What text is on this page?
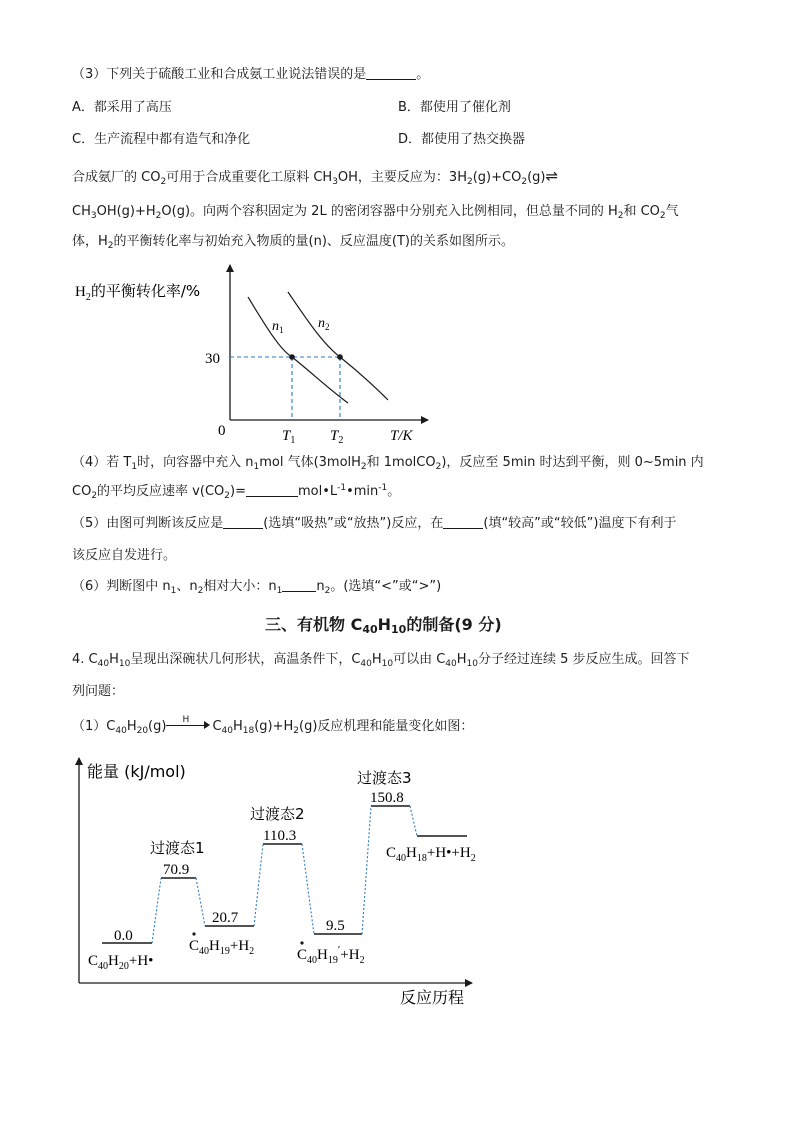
（3）下列关于硫酸工业和合成氨工业说法错误的是	。
A．都采用了高压	B．都使用了催化剂
C．生产流程中都有造气和净化	D．都使用了热交换器
合成氨厂的 $CO_2$可用于合成重要化工原料 $CH_3OH$，主要反应为：$3H_2(g)+CO_2(g)\rightleftharpoons$
$CH_3OH(g)+H_2O(g)$。向两个容积固定为 2L 的密闭容器中分别充入比例相同，但总量不同的 $H_2$和 $CO_2$气
体，$H_2$的平衡转化率与初始充入物质的量(n)、反应温度(T)的关系如图所示。
$H_2$的平衡转化率/%
30
0
$n_1$ $n_2$
$T_1$ $T_2$	T/K
（4）若 $T_1$时，向容器中充入 $n_1mol$ 气体(3molH$_2$和 1molCO$_2$)，反应至 5min 时达到平衡，则 0~5min 内
$CO_2$的平均反应速率 $v(CO_2)=$	$mol•L^{-1}•\min^{-1}$。
（5）由图可判断该反应是	(选填“吸热”或“放热”)反应，在	(填“较高”或“较低”)温度下有利于
该反应自发进行。
（6）判断图中 $n_1$、$n_2$相对大小：$n_1$	$n_2$。(选填“<”或“>”)
三、有机物 $C_{40}H_{10}$的制备(9 分)
4. $C_{40}H_{10}$呈现出深碗状几何形状，高温条件下，$C_{40}H_{10}$可以由 $C_{40}H_{10}$分子经过连续 5 步反应生成。回答下
列问题：
$(1)C_{40}H_{20}(g)$ H $C_{40}H_{18}(g)+H_2(g)$反应机理和能量变化如图：
能量 (kJ/mol)
反应历程
0.0
70.9
20.7
110.3
9.5
150.8
过渡态1
过渡态2
过渡态3
$C_{40}H_{20}+H•$
$C_{40}H_{19}+H_2$	$C_{40}H_{19}'+H_2$
$C_{40}H_{18}+H•+H_2$
